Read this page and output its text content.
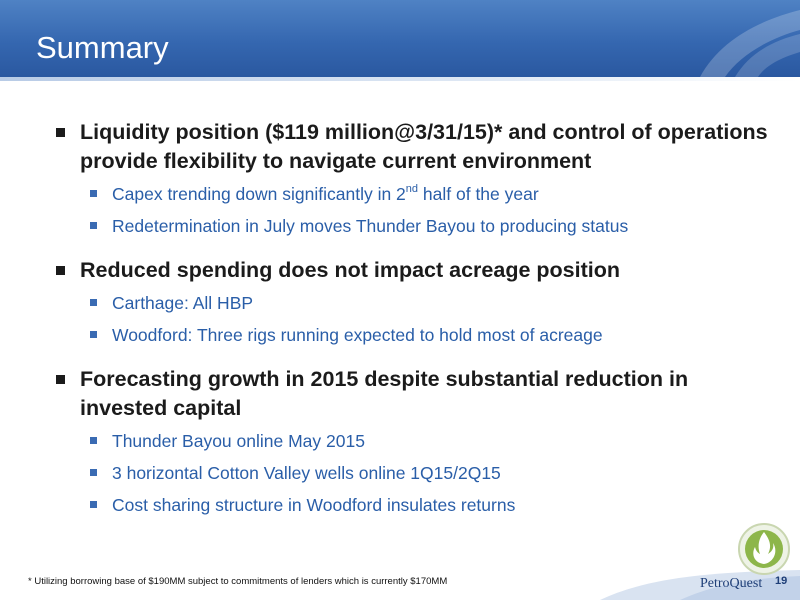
Summary
Liquidity position ($119 million@3/31/15)* and control of operations provide flexibility to navigate current environment
Capex trending down significantly in 2nd half of the year
Redetermination in July moves Thunder Bayou to producing status
Reduced spending does not impact acreage position
Carthage: All HBP
Woodford: Three rigs running expected to hold most of acreage
Forecasting growth in 2015 despite substantial reduction in invested capital
Thunder Bayou online May 2015
3 horizontal Cotton Valley wells online 1Q15/2Q15
Cost sharing structure in Woodford insulates returns
* Utilizing borrowing base of $190MM subject to commitments of lenders which is currently $170MM	PetroQuest 19
